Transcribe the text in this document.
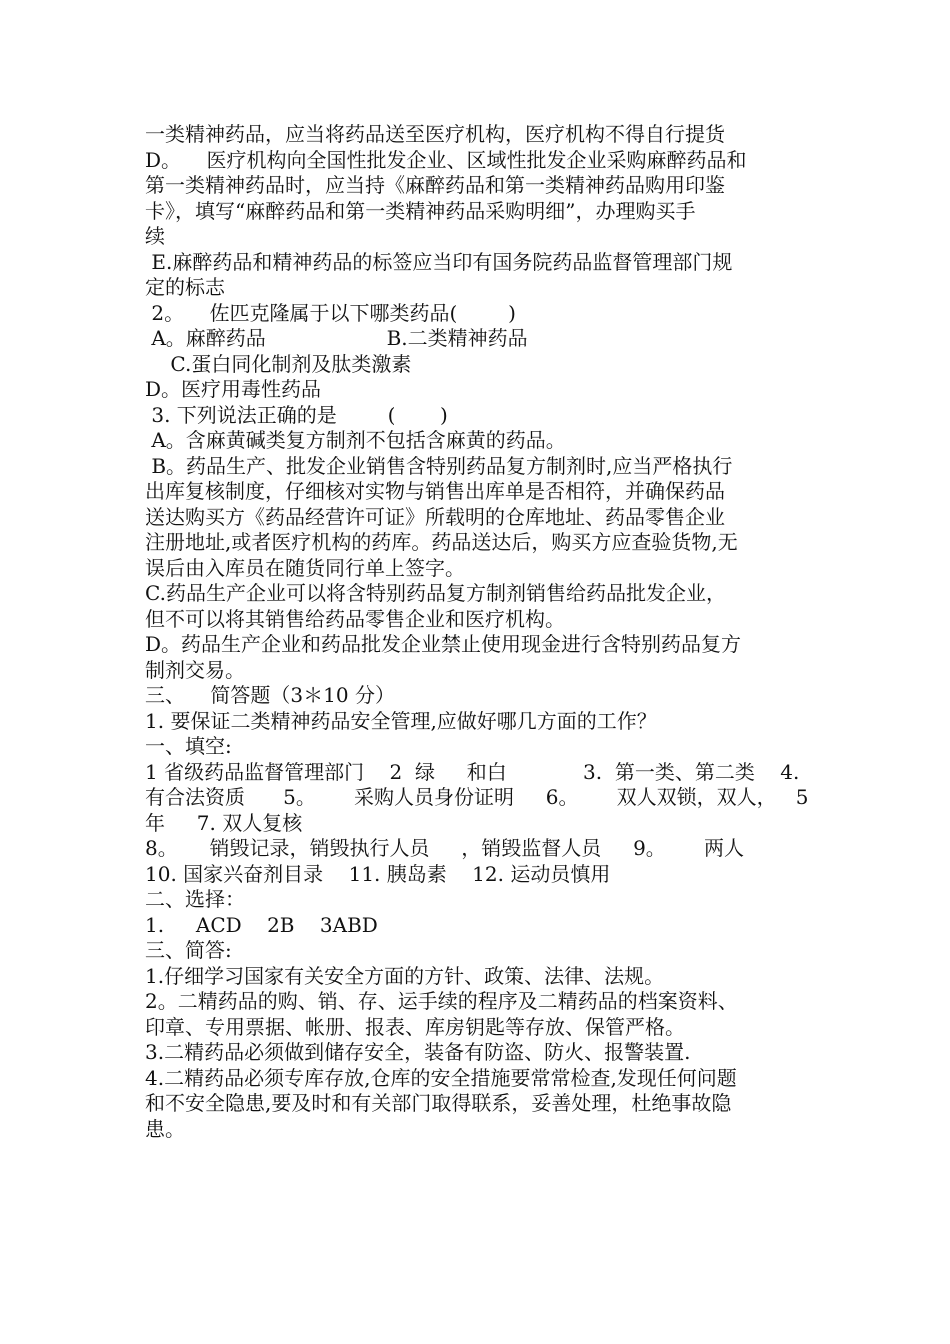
一类精神药品，应当将药品送至医疗机构，医疗机构不得自行提货
D。    医疗机构向全国性批发企业、区域性批发企业采购麻醉药品和
第一类精神药品时，应当持《麻醉药品和第一类精神药品购用印鉴
卡》，填写“麻醉药品和第一类精神药品采购明细”，办理购买手
续
E.麻醉药品和精神药品的标签应当印有国务院药品监督管理部门规
定的标志
2。    佐匹克隆属于以下哪类药品(        )
A。麻醉药品                   B.二类精神药品
C.蛋白同化制剂及肽类激素
D。医疗用毒性药品
3. 下列说法正确的是        (       )
A。含麻黄碱类复方制剂不包括含麻黄的药品。
B。药品生产、批发企业销售含特别药品复方制剂时,应当严格执行
出库复核制度，仔细核对实物与销售出库单是否相符，并确保药品
送达购买方《药品经营许可证》所载明的仓库地址、药品零售企业
注册地址,或者医疗机构的药库。药品送达后，购买方应查验货物,无
误后由入库员在随货同行单上签字。
C.药品生产企业可以将含特别药品复方制剂销售给药品批发企业，
但不可以将其销售给药品零售企业和医疗机构。
D。药品生产企业和药品批发企业禁止使用现金进行含特别药品复方
制剂交易。
三、    简答题（3＊10 分）
1. 要保证二类精神药品安全管理,应做好哪几方面的工作？
一、填空:
1 省级药品监督管理部门    2  绿     和白            3.  第一类、第二类    4.
有合法资质      5。      采购人员身份证明     6。      双人双锁，双人，   5
年     7. 双人复核
8。     销毁记录，销毁执行人员     ，销毁监督人员     9。      两人
10. 国家兴奋剂目录    11. 胰岛素    12. 运动员慎用
二、选择：
1.     ACD    2B    3ABD
三、简答:
1.仔细学习国家有关安全方面的方针、政策、法律、法规。
2。二精药品的购、销、存、运手续的程序及二精药品的档案资料、
印章、专用票据、帐册、报表、库房钥匙等存放、保管严格。
3.二精药品必须做到储存安全，装备有防盗、防火、报警装置.
4.二精药品必须专库存放,仓库的安全措施要常常检查,发现任何问题
和不安全隐患,要及时和有关部门取得联系，妥善处理，杜绝事故隐
患。
